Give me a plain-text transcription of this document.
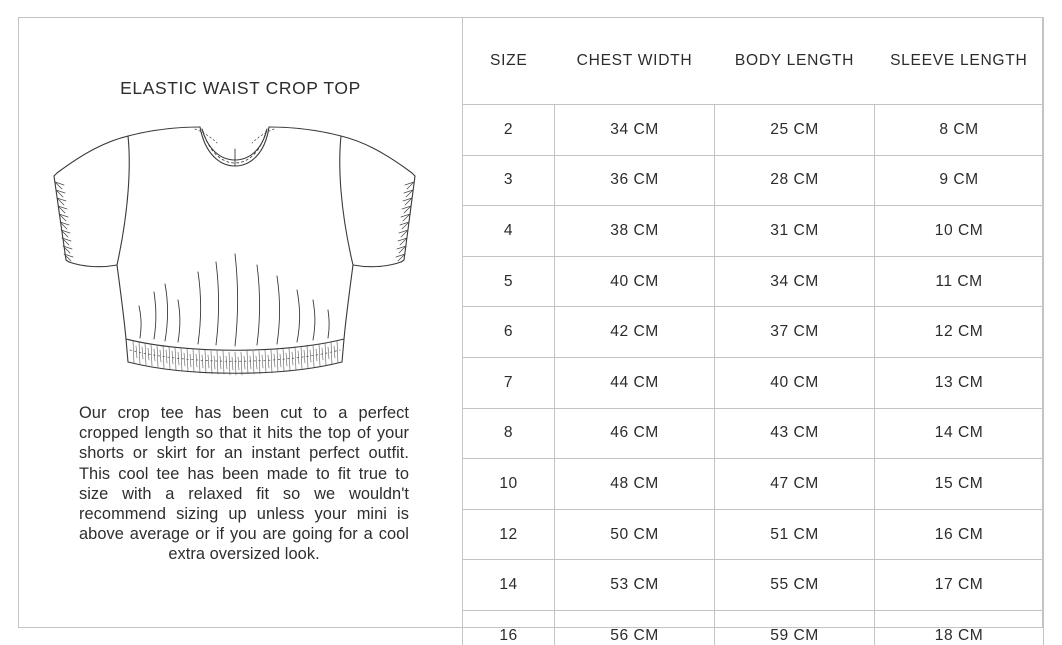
ELASTIC WAIST CROP TOP
Our crop tee has been cut to a perfect cropped length so that it hits the top of your shorts or skirt for an instant perfect outfit. This cool tee has been made to fit true to size with a relaxed fit so we wouldn't recommend sizing up unless your mini is above average or if you are going for a cool extra oversized look.
SIZE	CHEST WIDTH	BODY LENGTH	SLEEVE LENGTH
2	34 CM	25 CM	8 CM
3	36 CM	28 CM	9 CM
4	38 CM	31 CM	10 CM
5	40 CM	34 CM	11 CM
6	42 CM	37 CM	12 CM
7	44 CM	40 CM	13 CM
8	46 CM	43 CM	14 CM
10	48 CM	47 CM	15 CM
12	50 CM	51 CM	16 CM
14	53 CM	55 CM	17 CM
16	56 CM	59 CM	18 CM
